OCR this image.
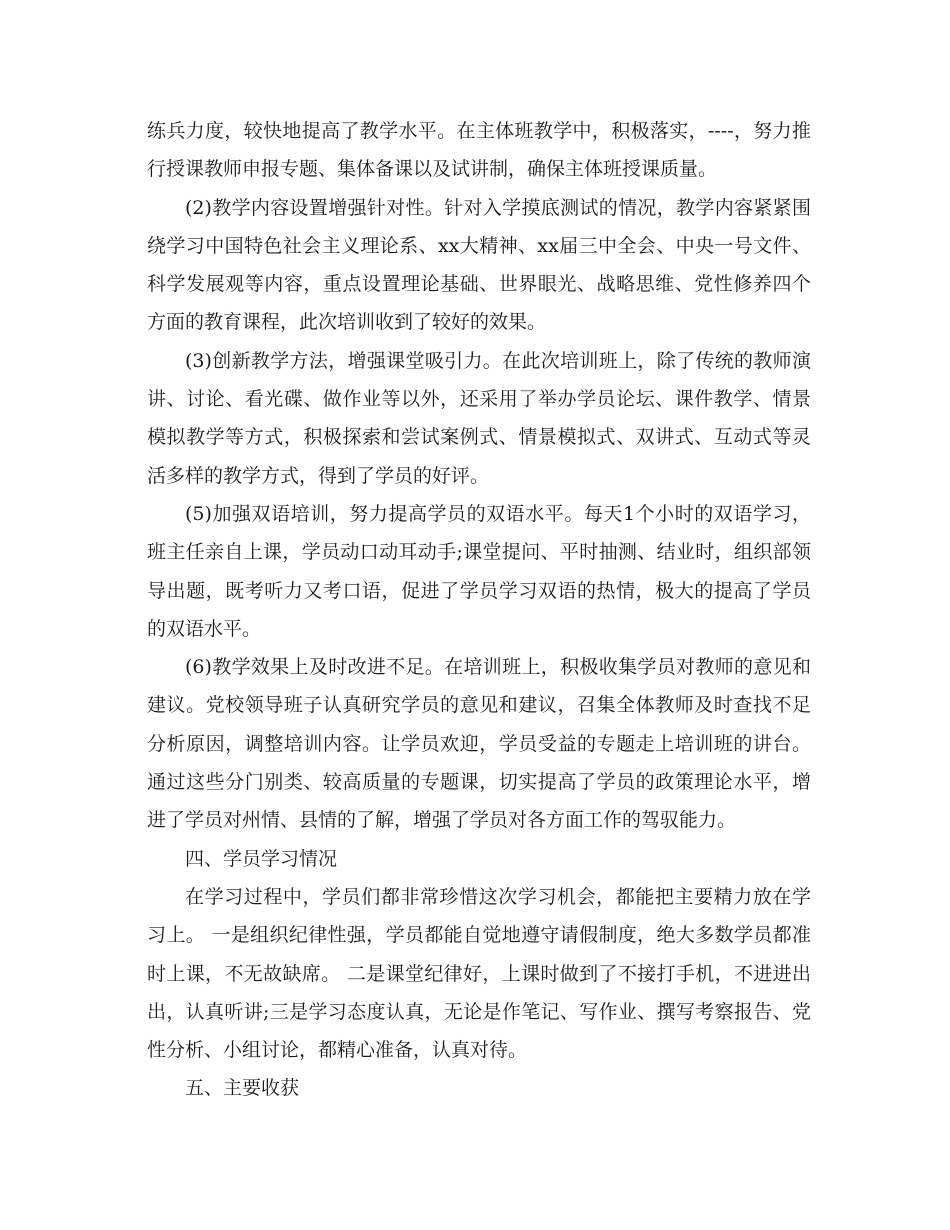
练兵力度，较快地提高了教学水平。在主体班教学中，积极落实，----，努力推行授课教师申报专题、集体备课以及试讲制，确保主体班授课质量。

(2)教学内容设置增强针对性。针对入学摸底测试的情况，教学内容紧紧围绕学习中国特色社会主义理论系、xx大精神、xx届三中全会、中央一号文件、科学发展观等内容，重点设置理论基础、世界眼光、战略思维、党性修养四个方面的教育课程，此次培训收到了较好的效果。

(3)创新教学方法，增强课堂吸引力。在此次培训班上，除了传统的教师演讲、讨论、看光碟、做作业等以外，还采用了举办学员论坛、课件教学、情景模拟教学等方式，积极探索和尝试案例式、情景模拟式、双讲式、互动式等灵活多样的教学方式，得到了学员的好评。

(5)加强双语培训，努力提高学员的双语水平。每天1个小时的双语学习，班主任亲自上课，学员动口动耳动手;课堂提问、平时抽测、结业时，组织部领导出题，既考听力又考口语，促进了学员学习双语的热情，极大的提高了学员的双语水平。

(6)教学效果上及时改进不足。在培训班上，积极收集学员对教师的意见和建议。党校领导班子认真研究学员的意见和建议，召集全体教师及时查找不足分析原因，调整培训内容。让学员欢迎，学员受益的专题走上培训班的讲台。通过这些分门别类、较高质量的专题课，切实提高了学员的政策理论水平，增进了学员对州情、县情的了解，增强了学员对各方面工作的驾驭能力。

四、学员学习情况

在学习过程中，学员们都非常珍惜这次学习机会，都能把主要精力放在学习上。 一是组织纪律性强，学员都能自觉地遵守请假制度，绝大多数学员都准时上课，不无故缺席。 二是课堂纪律好，上课时做到了不接打手机，不进进出出，认真听讲;三是学习态度认真，无论是作笔记、写作业、撰写考察报告、党性分析、小组讨论，都精心准备，认真对待。

五、主要收获
